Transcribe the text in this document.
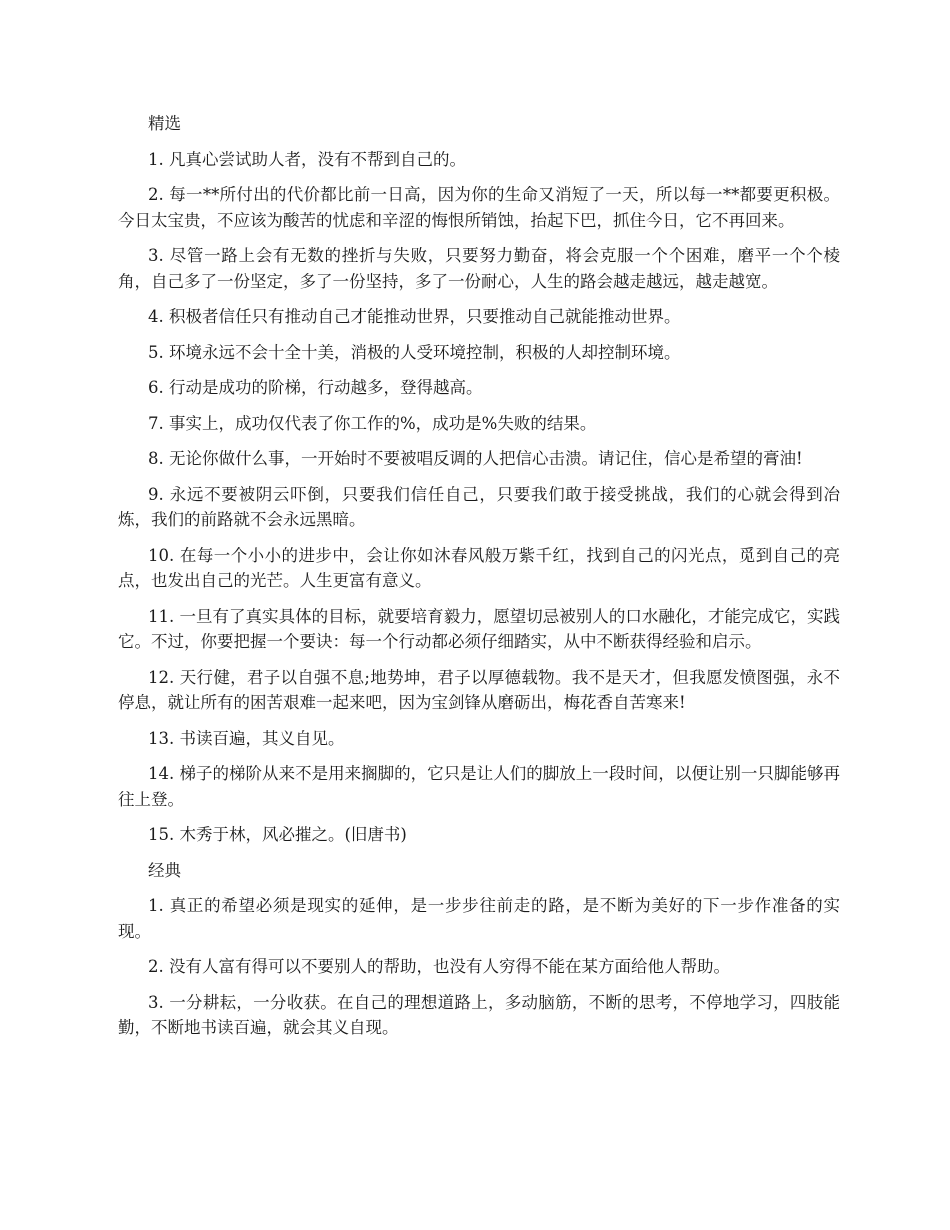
精选

1. 凡真心尝试助人者，没有不帮到自己的。

2. 每一**所付出的代价都比前一日高，因为你的生命又消短了一天，所以每一**都要更积极。今日太宝贵，不应该为酸苦的忧虑和辛涩的悔恨所销蚀，抬起下巴，抓住今日，它不再回来。

3. 尽管一路上会有无数的挫折与失败，只要努力勤奋，将会克服一个个困难，磨平一个个棱角，自己多了一份坚定，多了一份坚持，多了一份耐心，人生的路会越走越远，越走越宽。

4. 积极者信任只有推动自己才能推动世界，只要推动自己就能推动世界。

5. 环境永远不会十全十美，消极的人受环境控制，积极的人却控制环境。

6. 行动是成功的阶梯，行动越多，登得越高。

7. 事实上，成功仅代表了你工作的%，成功是%失败的结果。

8. 无论你做什么事，一开始时不要被唱反调的人把信心击溃。请记住，信心是希望的膏油!

9. 永远不要被阴云吓倒，只要我们信任自己，只要我们敢于接受挑战，我们的心就会得到冶炼，我们的前路就不会永远黑暗。

10. 在每一个小小的进步中，会让你如沐春风般万紫千红，找到自己的闪光点，觅到自己的亮点，也发出自己的光芒。人生更富有意义。

11. 一旦有了真实具体的目标，就要培育毅力，愿望切忌被别人的口水融化，才能完成它，实践它。不过，你要把握一个要诀：每一个行动都必须仔细踏实，从中不断获得经验和启示。

12. 天行健，君子以自强不息;地势坤，君子以厚德载物。我不是天才，但我愿发愤图强，永不停息，就让所有的困苦艰难一起来吧，因为宝剑锋从磨砺出，梅花香自苦寒来!

13. 书读百遍，其义自见。

14. 梯子的梯阶从来不是用来搁脚的，它只是让人们的脚放上一段时间，以便让别一只脚能够再往上登。

15. 木秀于林，风必摧之。(旧唐书)

经典

1. 真正的希望必须是现实的延伸，是一步步往前走的路，是不断为美好的下一步作准备的实现。

2. 没有人富有得可以不要别人的帮助，也没有人穷得不能在某方面给他人帮助。

3. 一分耕耘，一分收获。在自己的理想道路上，多动脑筋，不断的思考，不停地学习，四肢能勤，不断地书读百遍，就会其义自现。
